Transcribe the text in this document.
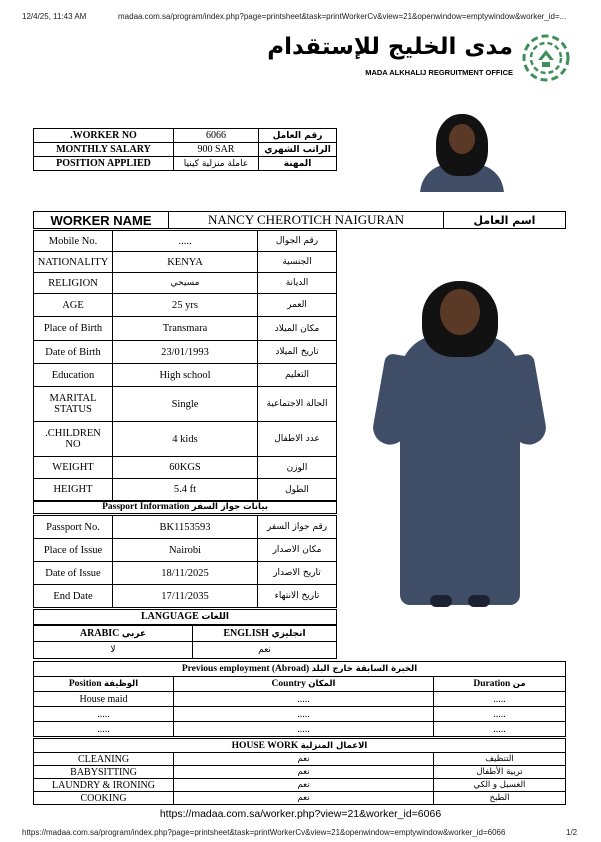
12/4/25, 11:43 AM	madaa.com.sa/program/index.php?page=printsheet&task=printWorkerCv&view=21&openwindow=emptywindow&worker_id=...
مدى الخليج للإستقدام
MADA ALKHALIJ REGRUITMENT OFFICE
.WORKER NO	6066	رقم العامل
MONTHLY SALARY	900 SAR	الراتب الشهري
POSITION APPLIED	عاملة منزلية كينيا	المهنة
WORKER NAME	NANCY CHEROTICH NAIGURAN	اسم العامل
Mobile No.	.....	رقم الجوال
NATIONALITY	KENYA	الجنسية
RELIGION	مسيحي	الديانة
AGE	25 yrs	العمر
Place of Birth	Transmara	مكان الميلاد
Date of Birth	23/01/1993	تاريخ الميلاد
Education	High school	التعليم
MARITAL STATUS	Single	الحالة الاجتماعية
.CHILDREN NO	4 kids	عدد الاطفال
WEIGHT	60KGS	الوزن
HEIGHT	5.4 ft	الطول
Passport Information بيانات جواز السفر
Passport No.	BK1153593	رقم جواز السفر
Place of Issue	Nairobi	مكان الاصدار
Date of Issue	18/11/2025	تاريخ الاصدار
End Date	17/11/2035	تاريخ الانتهاء
LANGUAGE اللغات
ARABIC عربي	ENGLISH انجليزي
لا	نعم
Previous employment (Abroad) الخبرة السابقة خارج البلد		
Position الوظيفة	Country المكان	Duration من
House maid	.....	.....
.....	.....	.....
.....	.....	.....
HOUSE WORK الاعمال المنزلية		
CLEANING	نعم	التنظيف
BABYSITTING	نعم	تربية الأطفال
LAUNDRY & IRONING	نعم	الغسيل و الكي
COOKING	نعم	الطبخ
https://madaa.com.sa/worker.php?view=21&worker_id=6066
https://madaa.com.sa/program/index.php?page=printsheet&task=printWorkerCv&view=21&openwindow=emptywindow&worker_id=6066	1/2
